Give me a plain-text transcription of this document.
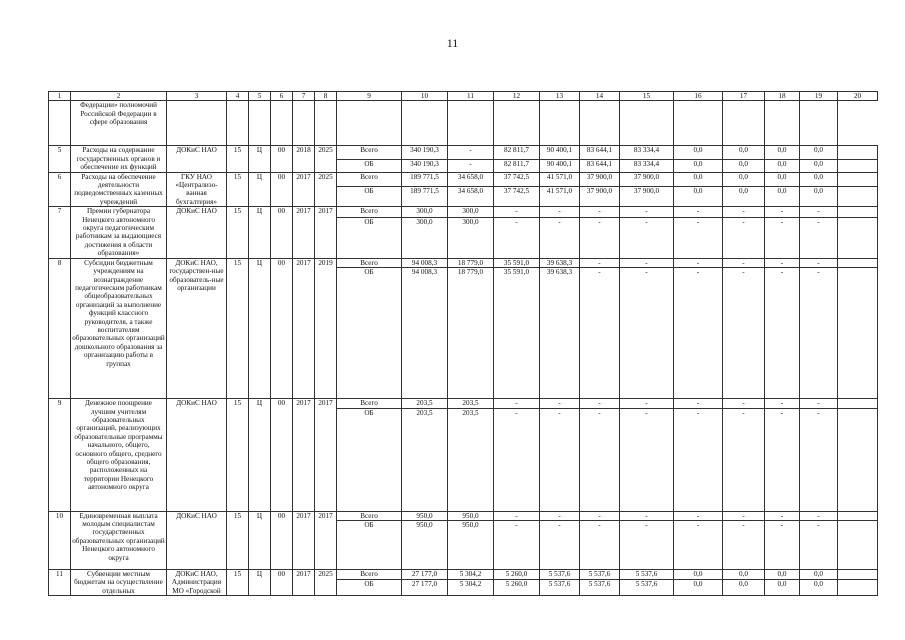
11
1	2	3	4	5	6	7	8	9	10	11	12	13	14	15	16	17	18	19	20
	Федерации» полномочий Российской Федерации в сфере образования																		
5	Расходы на содержание государственных органов и обеспечение их функций	ДОКиС НАО	15	Ц	00	2018	2025	Всего	340 190,3	-	82 811,7	90 400,1	83 644,1	83 334,4	0,0	0,0	0,0	0,0	
								ОБ	340 190,3	-	82 811,7	90 400,1	83 644,1	83 334,4	0,0	0,0	0,0	0,0	
6	Расходы на обеспечение деятельности подведомственных казенных учреждений	ГКУ НАО «Централизо-ванная бухгалтерия»	15	Ц	00	2017	2025	Всего	189 771,5	34 658,0	37 742,5	41 571,0	37 900,0	37 900,0	0,0	0,0	0,0	0,0	
								ОБ	189 771,5	34 658,0	37 742,5	41 571,0	37 900,0	37 900,0	0,0	0,0	0,0	0,0	
7	Премии губернатора Ненецкого автономного округа педагогическим работникам за выдающиеся достижения в области образования»	ДОКиС НАО	15	Ц	00	2017	2017	Всего	300,0	300,0	-	-	-	-	-	-	-	-	
								ОБ	300,0	300,0	-	-	-	-	-	-	-	-	
8	Субсидии бюджетным учреждениям на вознаграждение педагогическим работникам общеобразовательных организаций за выполнение функций классного руководителя, а также воспитателям образовательных организаций дошкольного образования за организацию работы в группах	ДОКиС НАО, государствен-ные образователь-ные организации	15	Ц	00	2017	2019	Всего	94 008,3	18 779,0	35 591,0	39 638,3	-	-	-	-	-	-	
								ОБ	94 008,3	18 779,0	35 591,0	39 638,3	-	-	-	-	-	-	
9	Денежное поощрение лучшим учителям образовательных организаций, реализующих образовательные программы начального, общего, основного общего, среднего общего образования, расположенных на территории Ненецкого автономного округа	ДОКиС НАО	15	Ц	00	2017	2017	Всего	203,5	203,5	-	-	-	-	-	-	-	-	
								ОБ	203,5	203,5	-	-	-	-	-	-	-	-	
10	Единовременная выплата молодым специалистам государственных образовательных организаций Ненецкого автономного округа	ДОКиС НАО	15	Ц	00	2017	2017	Всего	950,0	950,0	-	-	-	-	-	-	-	-	
								ОБ	950,0	950,0	-	-	-	-	-	-	-	-	
11	Субвенции местным бюджетам на осуществление отдельных	ДОКиС НАО, Администрация МО «Городской	15	Ц	00	2017	2025	Всего	27 177,0	5 304,2	5 260,0	5 537,6	5 537,6	5 537,6	0,0	0,0	0,0	0,0	
								ОБ	27 177,0	5 304,2	5 260,0	5 537,6	5 537,6	5 537,6	0,0	0,0	0,0	0,0	
